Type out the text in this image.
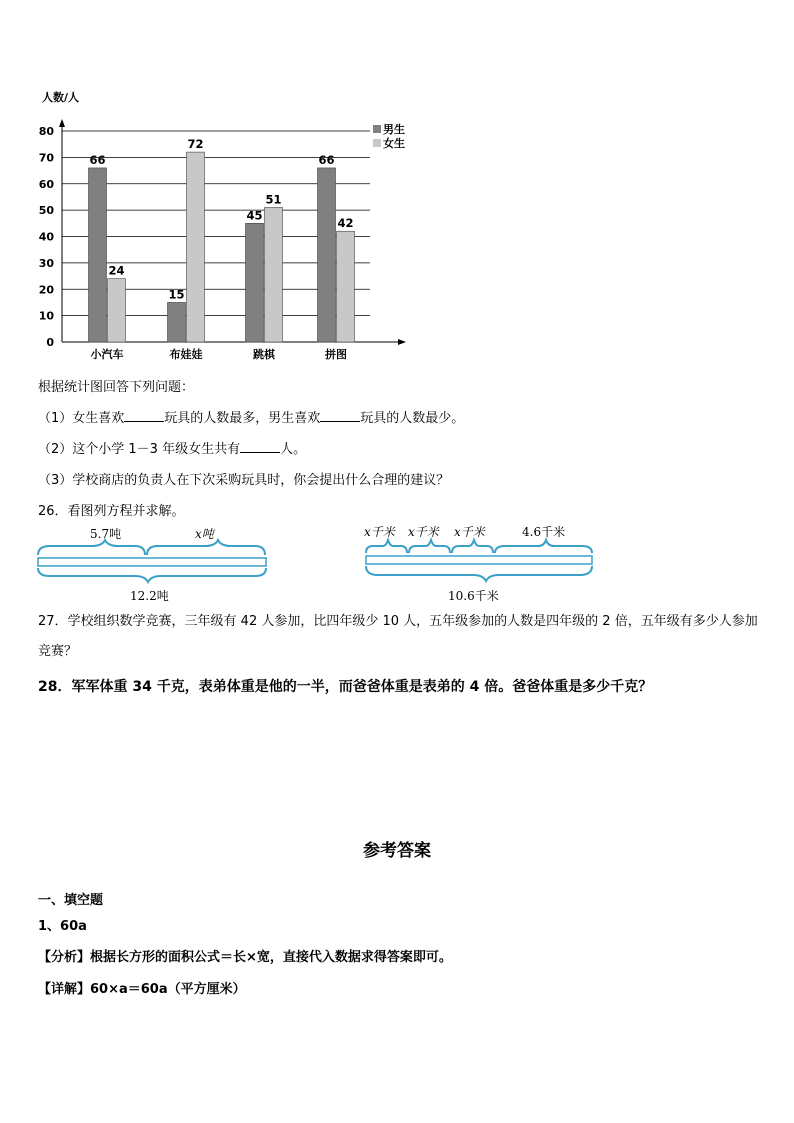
人数/人
0
10
20
30
40
50
60
70
80
66
24
小汽车
15
72
布娃娃
45
51
跳棋
66
42
拼图
男生
女生
根据统计图回答下列问题：
（1）女生喜欢	玩具的人数最多，男生喜欢	玩具的人数最少。
（2）这个小学 1－3 年级女生共有	人。
（3）学校商店的负责人在下次采购玩具时，你会提出什么合理的建议？
26．看图列方程并求解。
5.7吨	x吨
12.2吨
x千米 x千米 x千米	4.6千米
10.6千米
27．学校组织数学竞赛，三年级有 42 人参加，比四年级少 10 人，五年级参加的人数是四年级的 2 倍，五年级有多少人参加竞赛？
28．军军体重 34 千克，表弟体重是他的一半，而爸爸体重是表弟的 4 倍。爸爸体重是多少千克？
参考答案
一、填空题
1、60a
【分析】根据长方形的面积公式＝长×宽，直接代入数据求得答案即可。
【详解】60×a＝60a（平方厘米）
